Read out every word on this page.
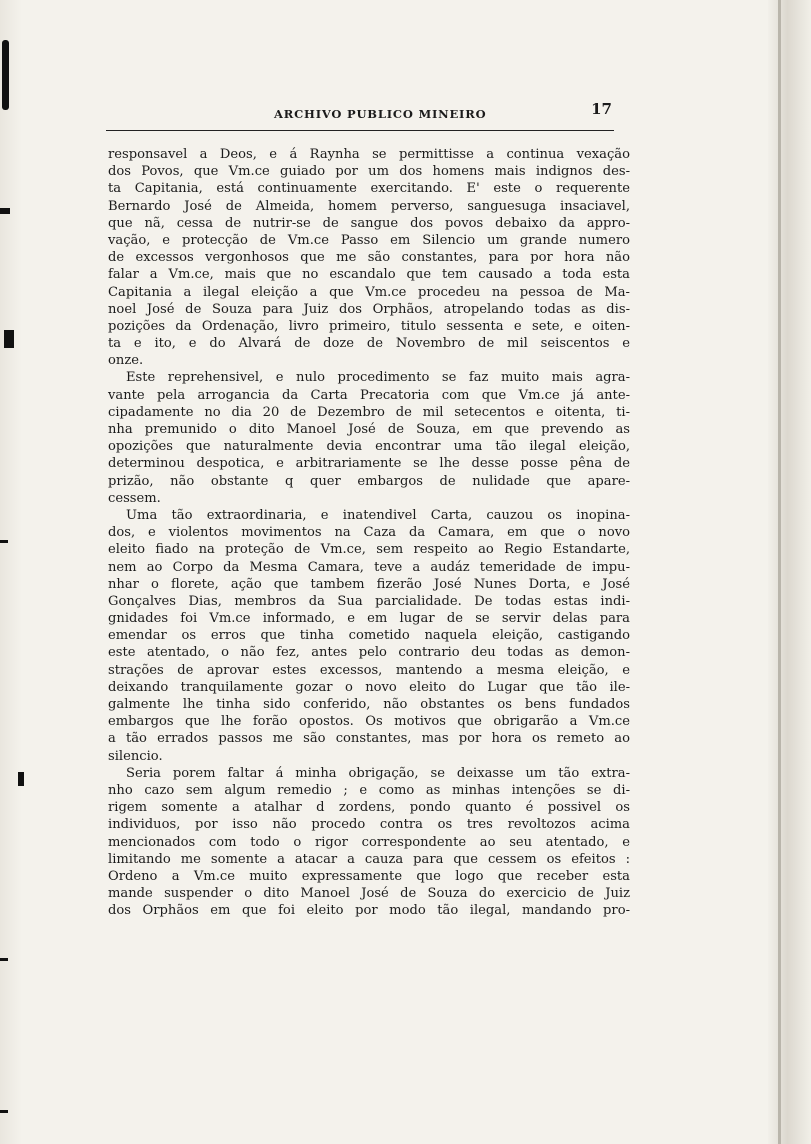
ARCHIVO PUBLICO MINEIRO	17
responsavel a Deos, e á Raynha se permittisse a continua vexação
dos Povos, que Vm.ce guiado por um dos homens mais indignos des-
ta Capitania, está continuamente exercitando. E' este o requerente
Bernardo José de Almeida, homem perverso, sanguesuga insaciavel,
que nã, cessa de nutrir-se de sangue dos povos debaixo da appro-
vação, e protecção de Vm.ce Passo em Silencio um grande numero
de excessos vergonhosos que me são constantes, para por hora não
falar a Vm.ce, mais que no escandalo que tem causado a toda esta
Capitania a ilegal eleição a que Vm.ce procedeu na pessoa de Ma-
noel José de Souza para Juiz dos Orphãos, atropelando todas as dis-
pozições da Ordenação, livro primeiro, titulo sessenta e sete, e oiten-
ta e ito, e do Alvará de doze de Novembro de mil seiscentos e
onze.
Este reprehensivel, e nulo procedimento se faz muito mais agra-
vante pela arrogancia da Carta Precatoria com que Vm.ce já ante-
cipadamente no dia 20 de Dezembro de mil setecentos e oitenta, ti-
nha premunido o dito Manoel José de Souza, em que prevendo as
opozições que naturalmente devia encontrar uma tão ilegal eleição,
determinou despotica, e arbitrariamente se lhe desse posse pêna de
prizão, não obstante q quer embargos de nulidade que apare-
cessem.
Uma tão extraordinaria, e inatendivel Carta, cauzou os inopina-
dos, e violentos movimentos na Caza da Camara, em que o novo
eleito fiado na proteção de Vm.ce, sem respeito ao Regio Estandarte,
nem ao Corpo da Mesma Camara, teve a audáz temeridade de impu-
nhar o florete, ação que tambem fizerão José Nunes Dorta, e José
Gonçalves Dias, membros da Sua parcialidade. De todas estas indi-
gnidades foi Vm.ce informado, e em lugar de se servir delas para
emendar os erros que tinha cometido naquela eleição, castigando
este atentado, o não fez, antes pelo contrario deu todas as demon-
strações de aprovar estes excessos, mantendo a mesma eleição, e
deixando tranquilamente gozar o novo eleito do Lugar que tão ile-
galmente lhe tinha sido conferido, não obstantes os bens fundados
embargos que lhe forão opostos. Os motivos que obrigarão a Vm.ce
a tão errados passos me são constantes, mas por hora os remeto ao
silencio.
Seria porem faltar á minha obrigação, se deixasse um tão extra-
nho cazo sem algum remedio ; e como as minhas intenções se di-
rigem somente a atalhar d zordens, pondo quanto é possivel os
individuos, por isso não procedo contra os tres revoltozos acima
mencionados com todo o rigor correspondente ao seu atentado, e
limitando me somente a atacar a cauza para que cessem os efeitos :
Ordeno a Vm.ce muito expressamente que logo que receber esta
mande suspender o dito Manoel José de Souza do exercicio de Juiz
dos Orphãos em que foi eleito por modo tão ilegal, mandando pro-
